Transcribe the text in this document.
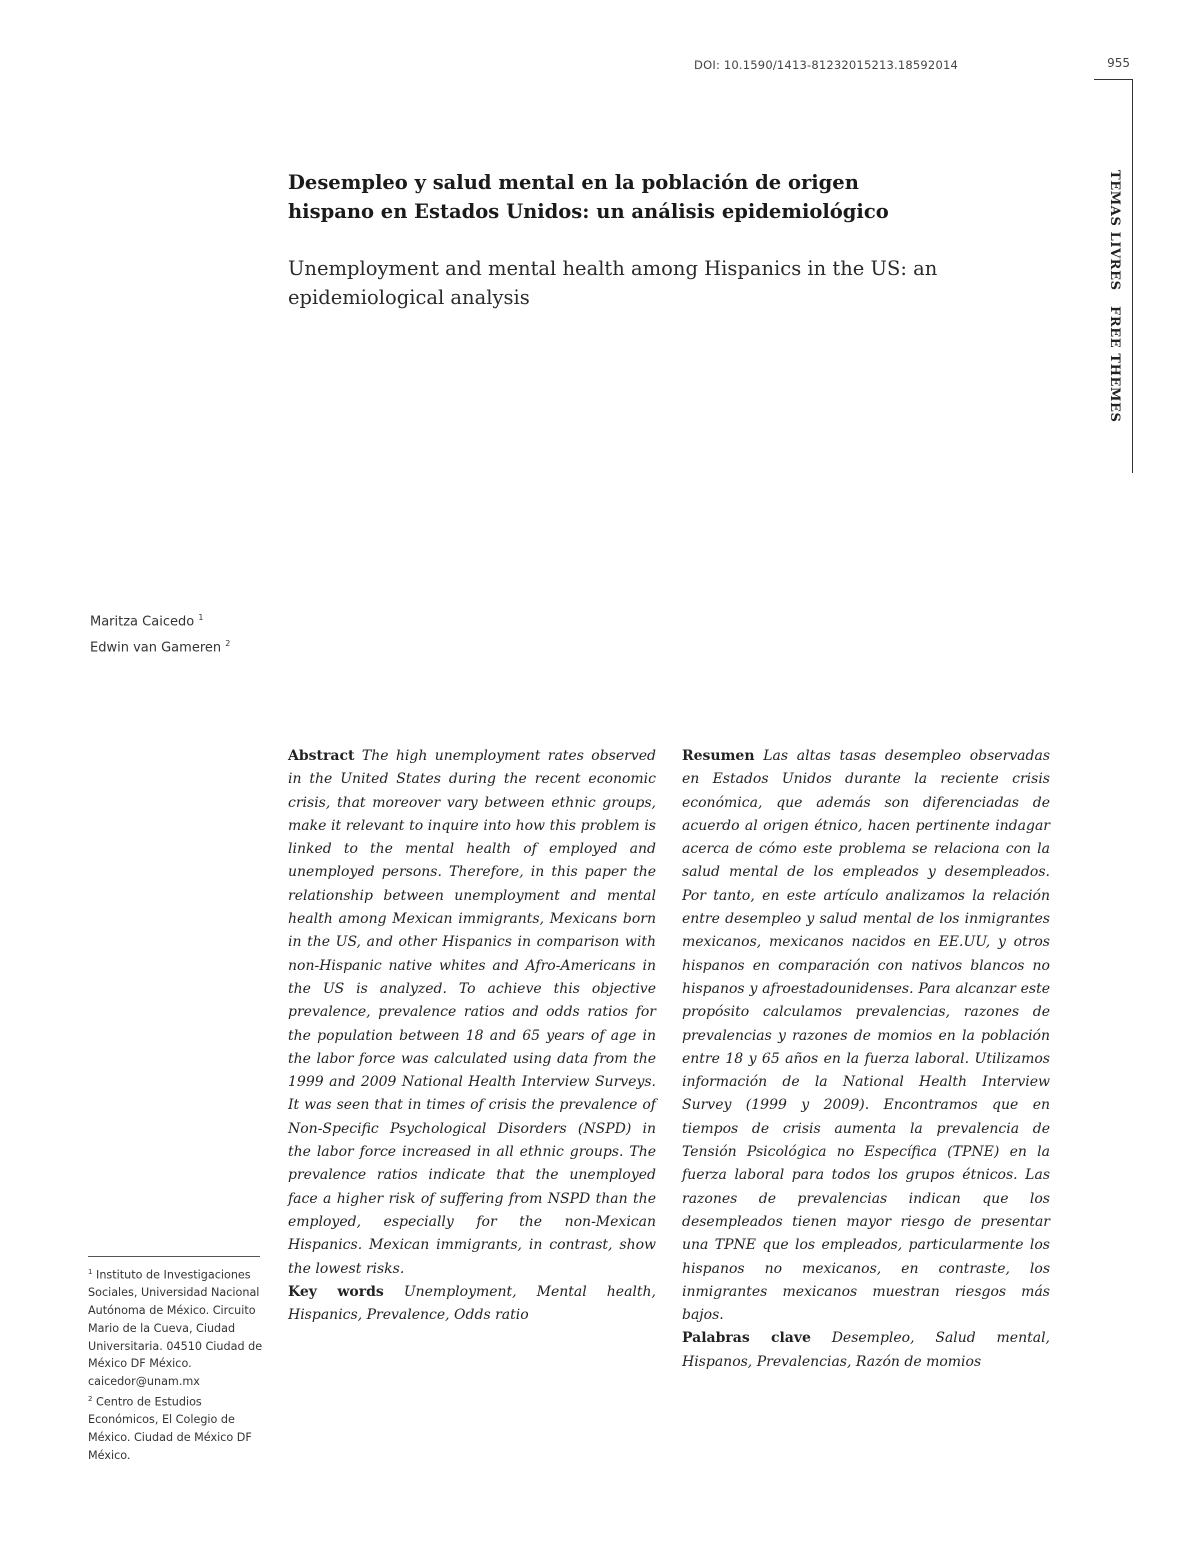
DOI: 10.1590/1413-81232015213.18592014	955
TEMAS LIVRES FREE THEMES
Desempleo y salud mental en la población de origen hispano en Estados Unidos: un análisis epidemiológico
Unemployment and mental health among Hispanics in the US: an epidemiological analysis
Maritza Caicedo $^1$
Edwin van Gameren $^2$

Abstract The high unemployment rates observed in the United States during the recent economic crisis, that moreover vary between ethnic groups, make it relevant to inquire into how this problem is linked to the mental health of employed and unemployed persons. Therefore, in this paper the relationship between unemployment and mental health among Mexican immigrants, Mexicans born in the US, and other Hispanics in comparison with non-Hispanic native whites and Afro-Americans in the US is analyzed. To achieve this objective prevalence, prevalence ratios and odds ratios for the population between 18 and 65 years of age in the labor force was calculated using data from the 1999 and 2009 National Health Interview Surveys. It was seen that in times of crisis the prevalence of Non-Specific Psychological Disorders (NSPD) in the labor force increased in all ethnic groups. The prevalence ratios indicate that the unemployed face a higher risk of suffering from NSPD than the employed, especially for the non-Mexican Hispanics. Mexican immigrants, in contrast, show the lowest risks.

Key words Unemployment, Mental health, Hispanics, Prevalence, Odds ratio

Resumen Las altas tasas desempleo observadas en Estados Unidos durante la reciente crisis económica, que además son diferenciadas de acuerdo al origen étnico, hacen pertinente indagar acerca de cómo este problema se relaciona con la salud mental de los empleados y desempleados. Por tanto, en este artículo analizamos la relación entre desempleo y salud mental de los inmigrantes mexicanos, mexicanos nacidos en EE.UU, y otros hispanos en comparación con nativos blancos no hispanos y afroestadounidenses. Para alcanzar este propósito calculamos prevalencias, razones de prevalencias y razones de momios en la población entre 18 y 65 años en la fuerza laboral. Utilizamos información de la National Health Interview Survey (1999 y 2009). Encontramos que en tiempos de crisis aumenta la prevalencia de Tensión Psicológica no Específica (TPNE) en la fuerza laboral para todos los grupos étnicos. Las razones de prevalencias indican que los desempleados tienen mayor riesgo de presentar una TPNE que los empleados, particularmente los hispanos no mexicanos, en contraste, los inmigrantes mexicanos muestran riesgos más bajos.

Palabras clave Desempleo, Salud mental, Hispanos, Prevalencias, Razón de momios

$^1$ Instituto de Investigaciones Sociales, Universidad Nacional Autónoma de México. Circuito Mario de la Cueva, Ciudad Universitaria. 04510 Ciudad de México DF México. caicedor@unam.mx

$^2$ Centro de Estudios Económicos, El Colegio de México. Ciudad de México DF México.
